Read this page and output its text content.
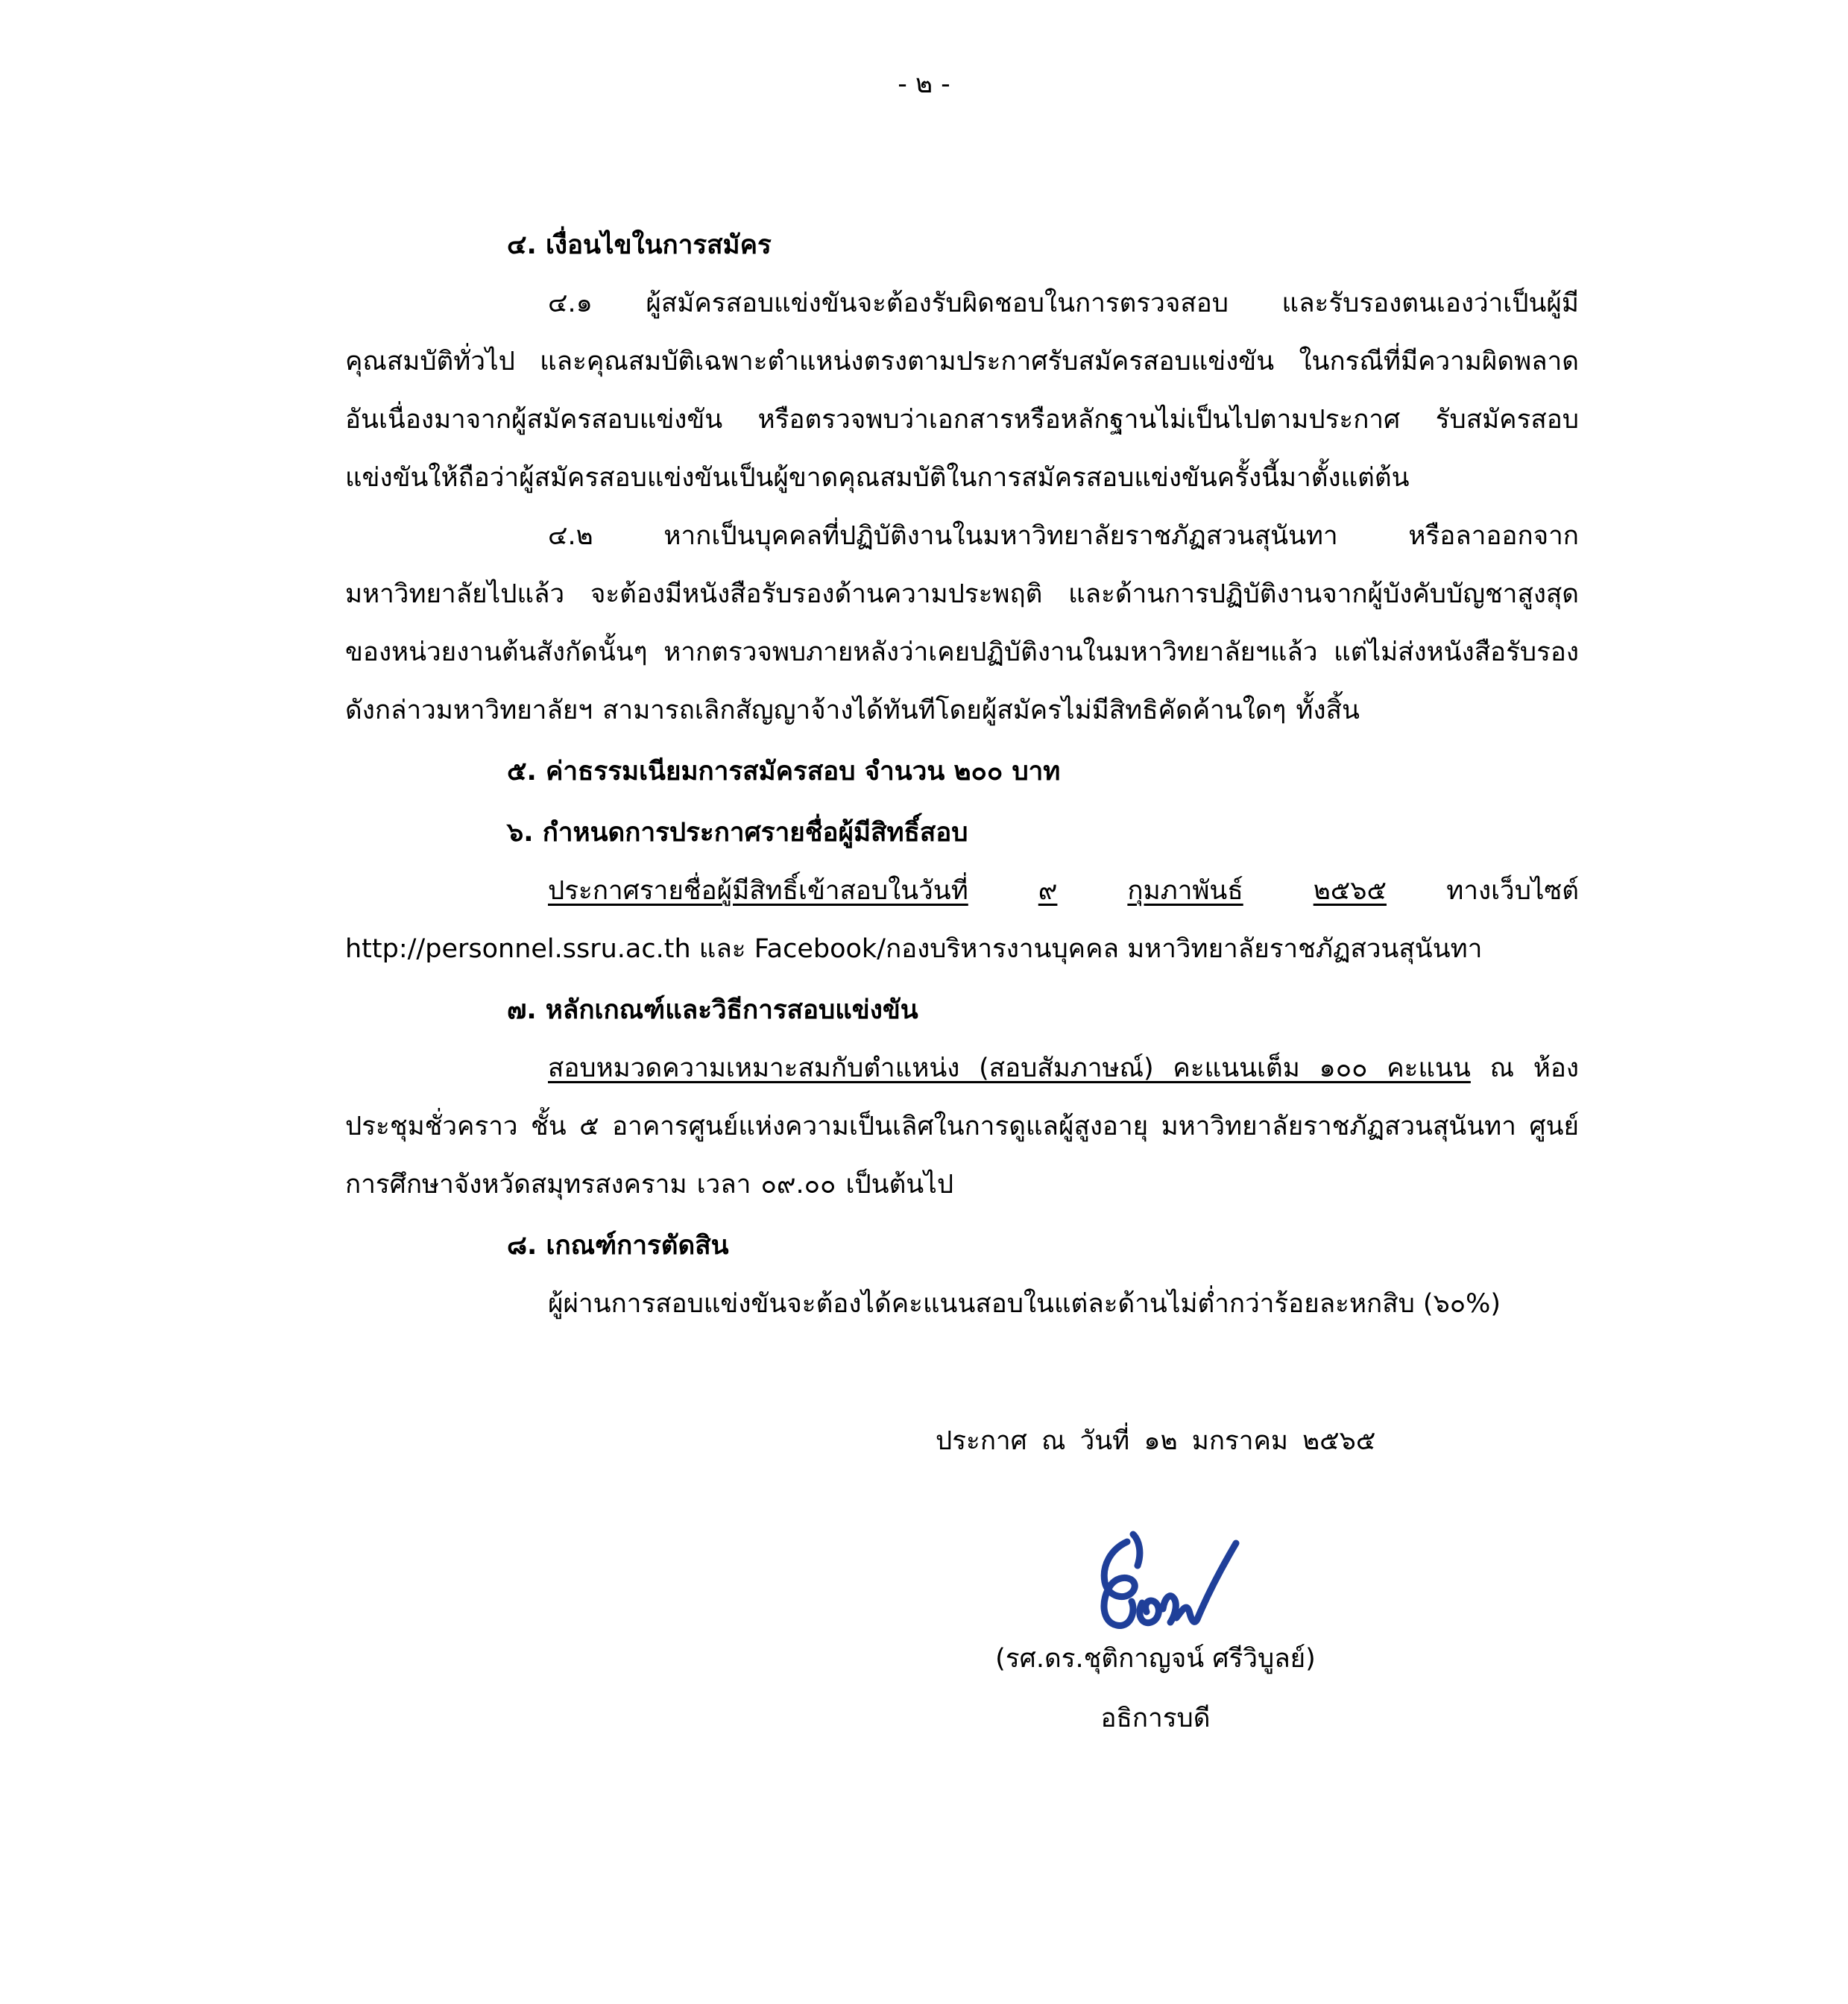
- ๒ -

๔. เงื่อนไขในการสมัคร

๔.๑ ผู้สมัครสอบแข่งขันจะต้องรับผิดชอบในการตรวจสอบ และรับรองตนเองว่าเป็นผู้มีคุณสมบัติทั่วไป และคุณสมบัติเฉพาะตำแหน่งตรงตามประกาศรับสมัครสอบแข่งขัน ในกรณีที่มีความผิดพลาด อันเนื่องมาจากผู้สมัครสอบแข่งขัน หรือตรวจพบว่าเอกสารหรือหลักฐานไม่เป็นไปตามประกาศ รับสมัครสอบแข่งขันให้ถือว่าผู้สมัครสอบแข่งขันเป็นผู้ขาดคุณสมบัติในการสมัครสอบแข่งขันครั้งนี้มาตั้งแต่ต้น

๔.๒ หากเป็นบุคคลที่ปฏิบัติงานในมหาวิทยาลัยราชภัฏสวนสุนันทา หรือลาออกจากมหาวิทยาลัยไปแล้ว จะต้องมีหนังสือรับรองด้านความประพฤติ และด้านการปฏิบัติงานจากผู้บังคับบัญชาสูงสุดของหน่วยงานต้นสังกัดนั้นๆ หากตรวจพบภายหลังว่าเคยปฏิบัติงานในมหาวิทยาลัยฯแล้ว แต่ไม่ส่งหนังสือรับรองดังกล่าวมหาวิทยาลัยฯ สามารถเลิกสัญญาจ้างได้ทันทีโดยผู้สมัครไม่มีสิทธิคัดค้านใดๆ ทั้งสิ้น

๕. ค่าธรรมเนียมการสมัครสอบ จำนวน ๒๐๐ บาท

๖. กำหนดการประกาศรายชื่อผู้มีสิทธิ์สอบ

ประกาศรายชื่อผู้มีสิทธิ์เข้าสอบในวันที่	๙	กุมภาพันธ์	๒๕๖๕ ทางเว็บไซต์

http://personnel.ssru.ac.th และ Facebook/กองบริหารงานบุคคล มหาวิทยาลัยราชภัฏสวนสุนันทา

๗. หลักเกณฑ์และวิธีการสอบแข่งขัน

สอบหมวดความเหมาะสมกับตำแหน่ง (สอบสัมภาษณ์) คะแนนเต็ม ๑๐๐ คะแนน ณ ห้องประชุมชั่วคราว ชั้น ๕ อาคารศูนย์แห่งความเป็นเลิศในการดูแลผู้สูงอายุ มหาวิทยาลัยราชภัฏสวนสุนันทา ศูนย์การศึกษาจังหวัดสมุทรสงคราม เวลา ๐๙.๐๐ เป็นต้นไป

๘. เกณฑ์การตัดสิน

ผู้ผ่านการสอบแข่งขันจะต้องได้คะแนนสอบในแต่ละด้านไม่ต่ำกว่าร้อยละหกสิบ (๖๐%)

ประกาศ ณ วันที่ ๑๒ มกราคม ๒๕๖๕
(รศ.ดร.ชุติกาญจน์ ศรีวิบูลย์)
อธิการบดี
